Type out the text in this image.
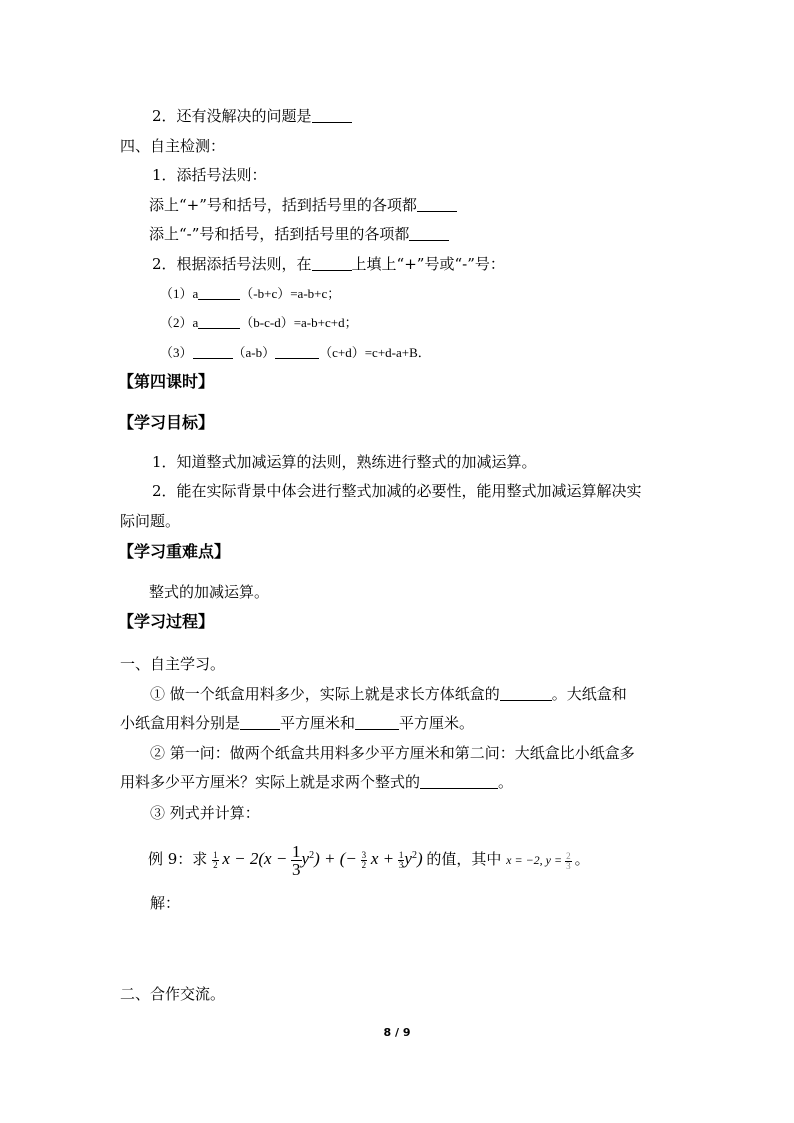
2．还有没解决的问题是
四、自主检测：
1．添括号法则：
添上“+”号和括号，括到括号里的各项都
添上“-”号和括号，括到括号里的各项都
2．根据添括号法则，在	上填上“+”号或“-”号：
（1）a	（-b+c）=a-b+c；
（2）a	（b-c-d）=a-b+c+d；
（3）	（a-b）	（c+d）=c+d-a+B．
【第四课时】
【学习目标】
1．知道整式加减运算的法则，熟练进行整式的加减运算。
2．能在实际背景中体会进行整式加减的必要性，能用整式加减运算解决实
际问题。
【学习重难点】
整式的加减运算。
【学习过程】
一、自主学习。
① 做一个纸盒用料多少，实际上就是求长方体纸盒的	。大纸盒和
小纸盒用料分别是	平方厘米和	平方厘米。
② 第一问：做两个纸盒共用料多少平方厘米和第二问：大纸盒比小纸盒多
用料多少平方厘米？实际上就是求两个整式的	。
③ 列式并计算：
例 9：求 $\frac{1}{2}$ $x - 2(x - \frac{1}{3} y^2)$ + (− $\frac{3}{2}$ $x + \frac{1}{3} y^2$) 的值，其中 x = −2, $y = \frac{2}{3}$ 。
解：
二、合作交流。
8 / 9
